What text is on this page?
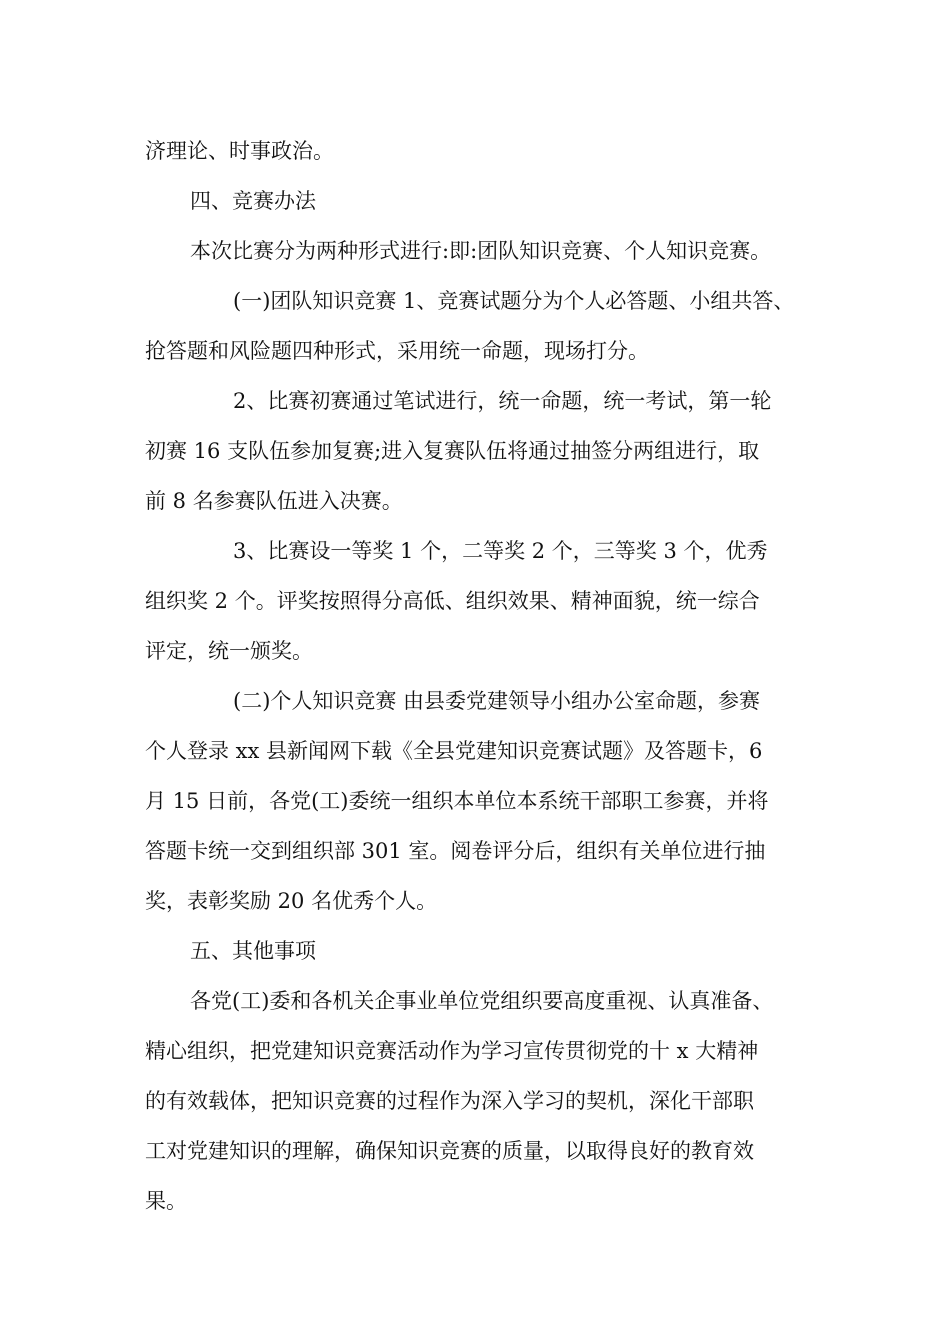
济理论、时事政治。
四、竞赛办法
本次比赛分为两种形式进行:即:团队知识竞赛、个人知识竞赛。
(一)团队知识竞赛 1、竞赛试题分为个人必答题、小组共答、
抢答题和风险题四种形式，采用统一命题，现场打分。
2、比赛初赛通过笔试进行，统一命题，统一考试，第一轮
初赛 16 支队伍参加复赛;进入复赛队伍将通过抽签分两组进行，取
前 8 名参赛队伍进入决赛。
3、比赛设一等奖 1 个，二等奖 2 个，三等奖 3 个，优秀
组织奖 2 个。评奖按照得分高低、组织效果、精神面貌，统一综合
评定，统一颁奖。
(二)个人知识竞赛 由县委党建领导小组办公室命题，参赛
个人登录 xx 县新闻网下载《全县党建知识竞赛试题》及答题卡，6
月 15 日前，各党(工)委统一组织本单位本系统干部职工参赛，并将
答题卡统一交到组织部 301 室。阅卷评分后，组织有关单位进行抽
奖，表彰奖励 20 名优秀个人。
五、其他事项
各党(工)委和各机关企事业单位党组织要高度重视、认真准备、
精心组织，把党建知识竞赛活动作为学习宣传贯彻党的十 x 大精神
的有效载体，把知识竞赛的过程作为深入学习的契机，深化干部职
工对党建知识的理解，确保知识竞赛的质量，以取得良好的教育效
果。
